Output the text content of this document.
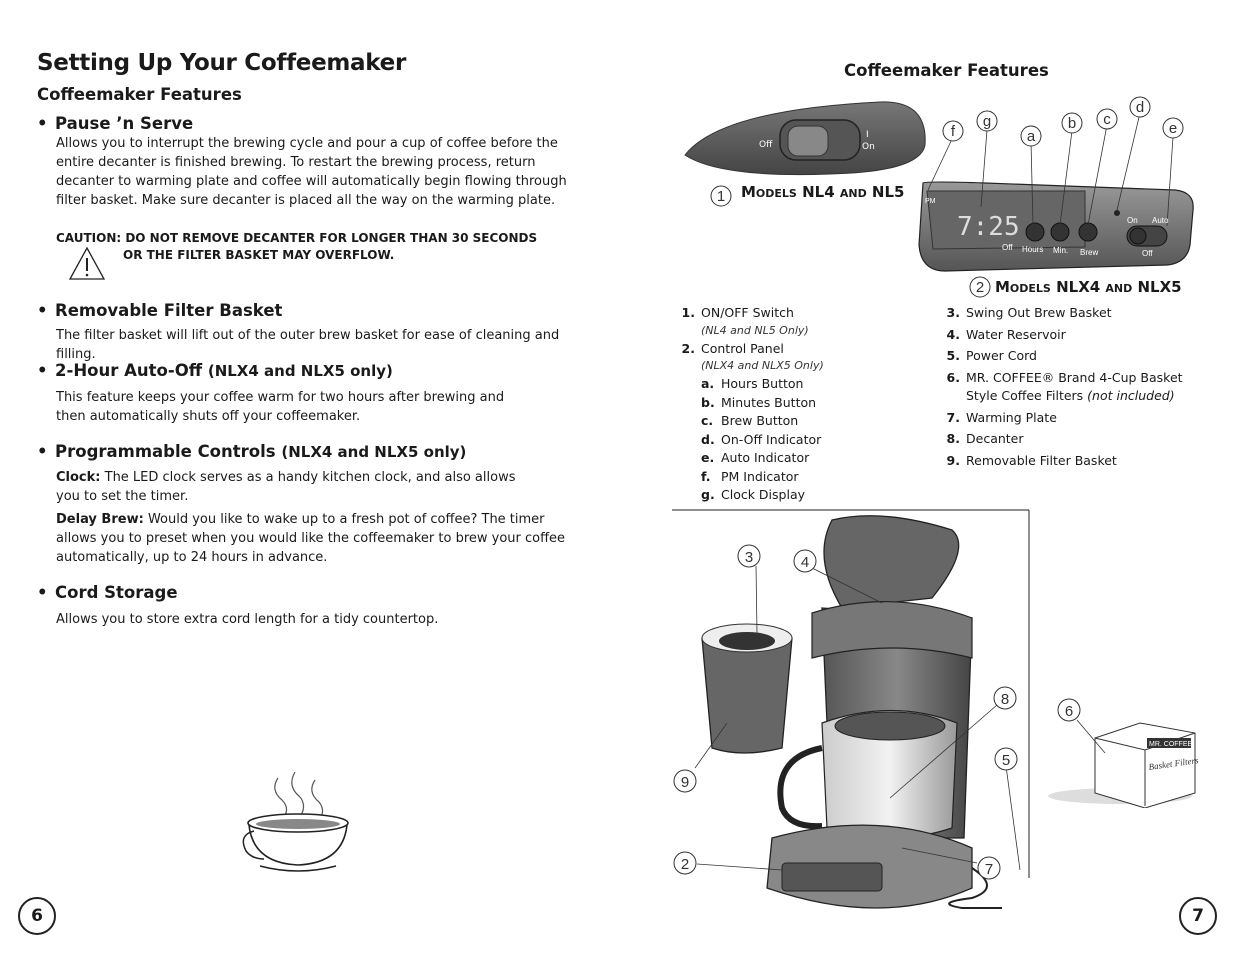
Setting Up Your Coffeemaker
Coffeemaker Features
• Pause ’n Serve
Allows you to interrupt the brewing cycle and pour a cup of coffee before the
entire decanter is finished brewing. To restart the brewing process, return
decanter to warming plate and coffee will automatically begin flowing through
filter basket. Make sure decanter is placed all the way on the warming plate.
CAUTION: DO NOT REMOVE DECANTER FOR LONGER THAN 30 SECONDS
OR THE FILTER BASKET MAY OVERFLOW.
• Removable Filter Basket
The filter basket will lift out of the outer brew basket for ease of cleaning and filling.
• 2-Hour Auto-Off (NLX4 and NLX5 only)
This feature keeps your coffee warm for two hours after brewing and
then automatically shuts off your coffeemaker.
• Programmable Controls (NLX4 and NLX5 only)
Clock: The LED clock serves as a handy kitchen clock, and also allows
you to set the timer.
Delay Brew: Would you like to wake up to a fresh pot of coffee? The timer
allows you to preset when you would like the coffeemaker to brew your coffee
automatically, up to 24 hours in advance.
• Cord Storage
Allows you to store extra cord length for a tidy countertop.
6
Coffeemaker Features
Off
I
On
1 Models NL4 and NL5
f
g
a
b c
d
e
PM
7:25
Off Hours Min. Brew
On Auto
Off
2 Models NLX4 and NLX5
1. ON/OFF Switch
(NL4 and NL5 Only)
2. Control Panel
(NLX4 and NLX5 Only)
a. Hours Button
b. Minutes Button
c. Brew Button
d. On-Off Indicator
e. Auto Indicator
f. PM Indicator
g. Clock Display
3. Swing Out Brew Basket
4. Water Reservoir
5. Power Cord
6. MR. COFFEE® Brand 4-Cup Basket
Style Coffee Filters (not included)
7. Warming Plate
8. Decanter
9. Removable Filter Basket
3	4
8
5
9
2	7
MR. COFFEE
Basket Filters
6
7
